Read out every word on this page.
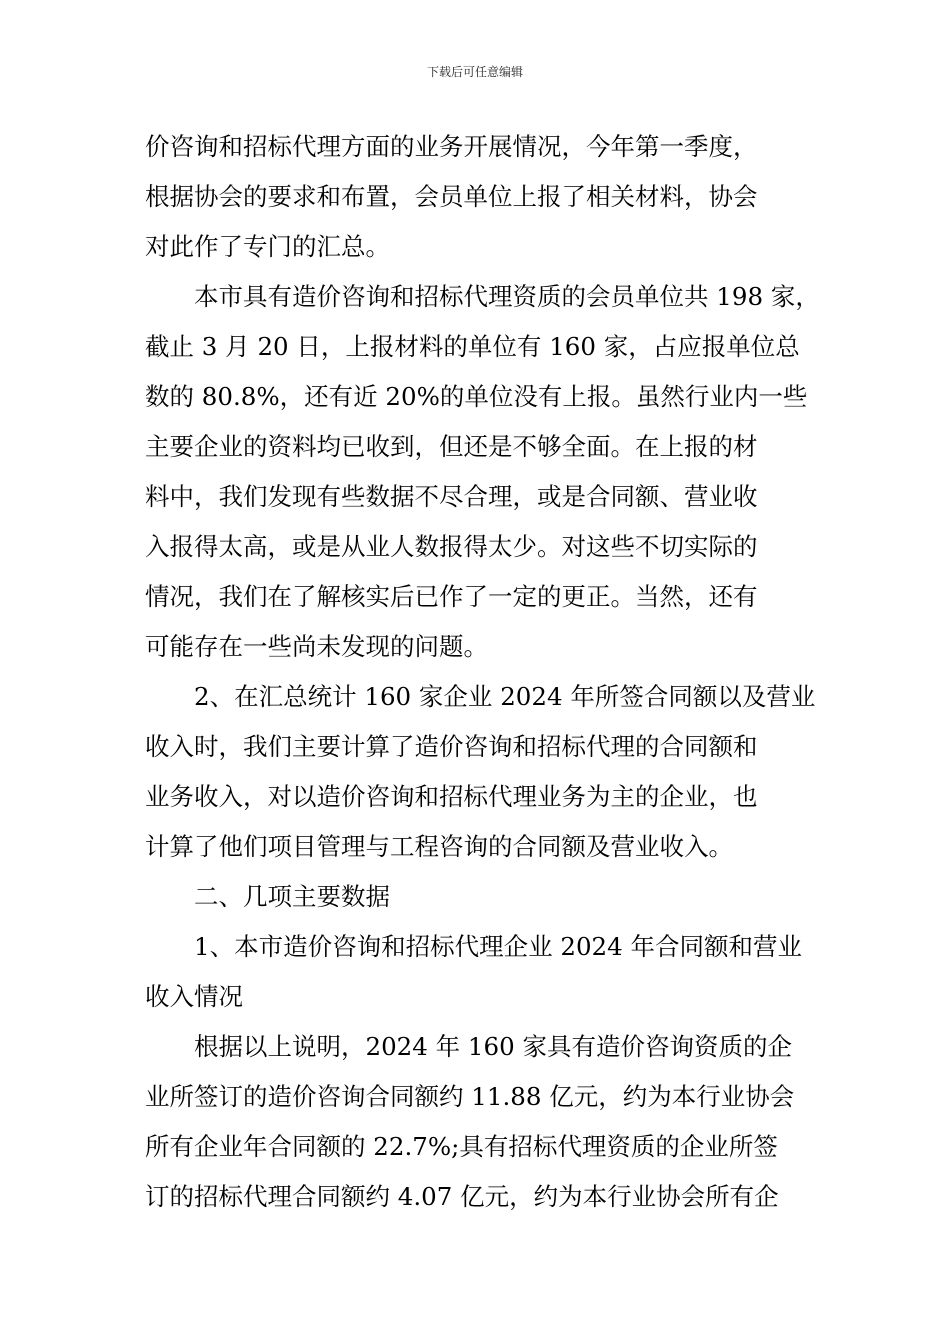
下载后可任意编辑
价咨询和招标代理方面的业务开展情况，今年第一季度，
根据协会的要求和布置，会员单位上报了相关材料，协会
对此作了专门的汇总。
本市具有造价咨询和招标代理资质的会员单位共 198 家，
截止 3 月 20 日，上报材料的单位有 160 家，占应报单位总
数的 80.8%，还有近 20%的单位没有上报。虽然行业内一些
主要企业的资料均已收到，但还是不够全面。在上报的材
料中，我们发现有些数据不尽合理，或是合同额、营业收
入报得太高，或是从业人数报得太少。对这些不切实际的
情况，我们在了解核实后已作了一定的更正。当然，还有
可能存在一些尚未发现的问题。
2、在汇总统计 160 家企业 2024 年所签合同额以及营业
收入时，我们主要计算了造价咨询和招标代理的合同额和
业务收入，对以造价咨询和招标代理业务为主的企业，也
计算了他们项目管理与工程咨询的合同额及营业收入。
二、几项主要数据
1、本市造价咨询和招标代理企业 2024 年合同额和营业
收入情况
根据以上说明，2024 年 160 家具有造价咨询资质的企
业所签订的造价咨询合同额约 11.88 亿元，约为本行业协会
所有企业年合同额的 22.7%;具有招标代理资质的企业所签
订的招标代理合同额约 4.07 亿元，约为本行业协会所有企
